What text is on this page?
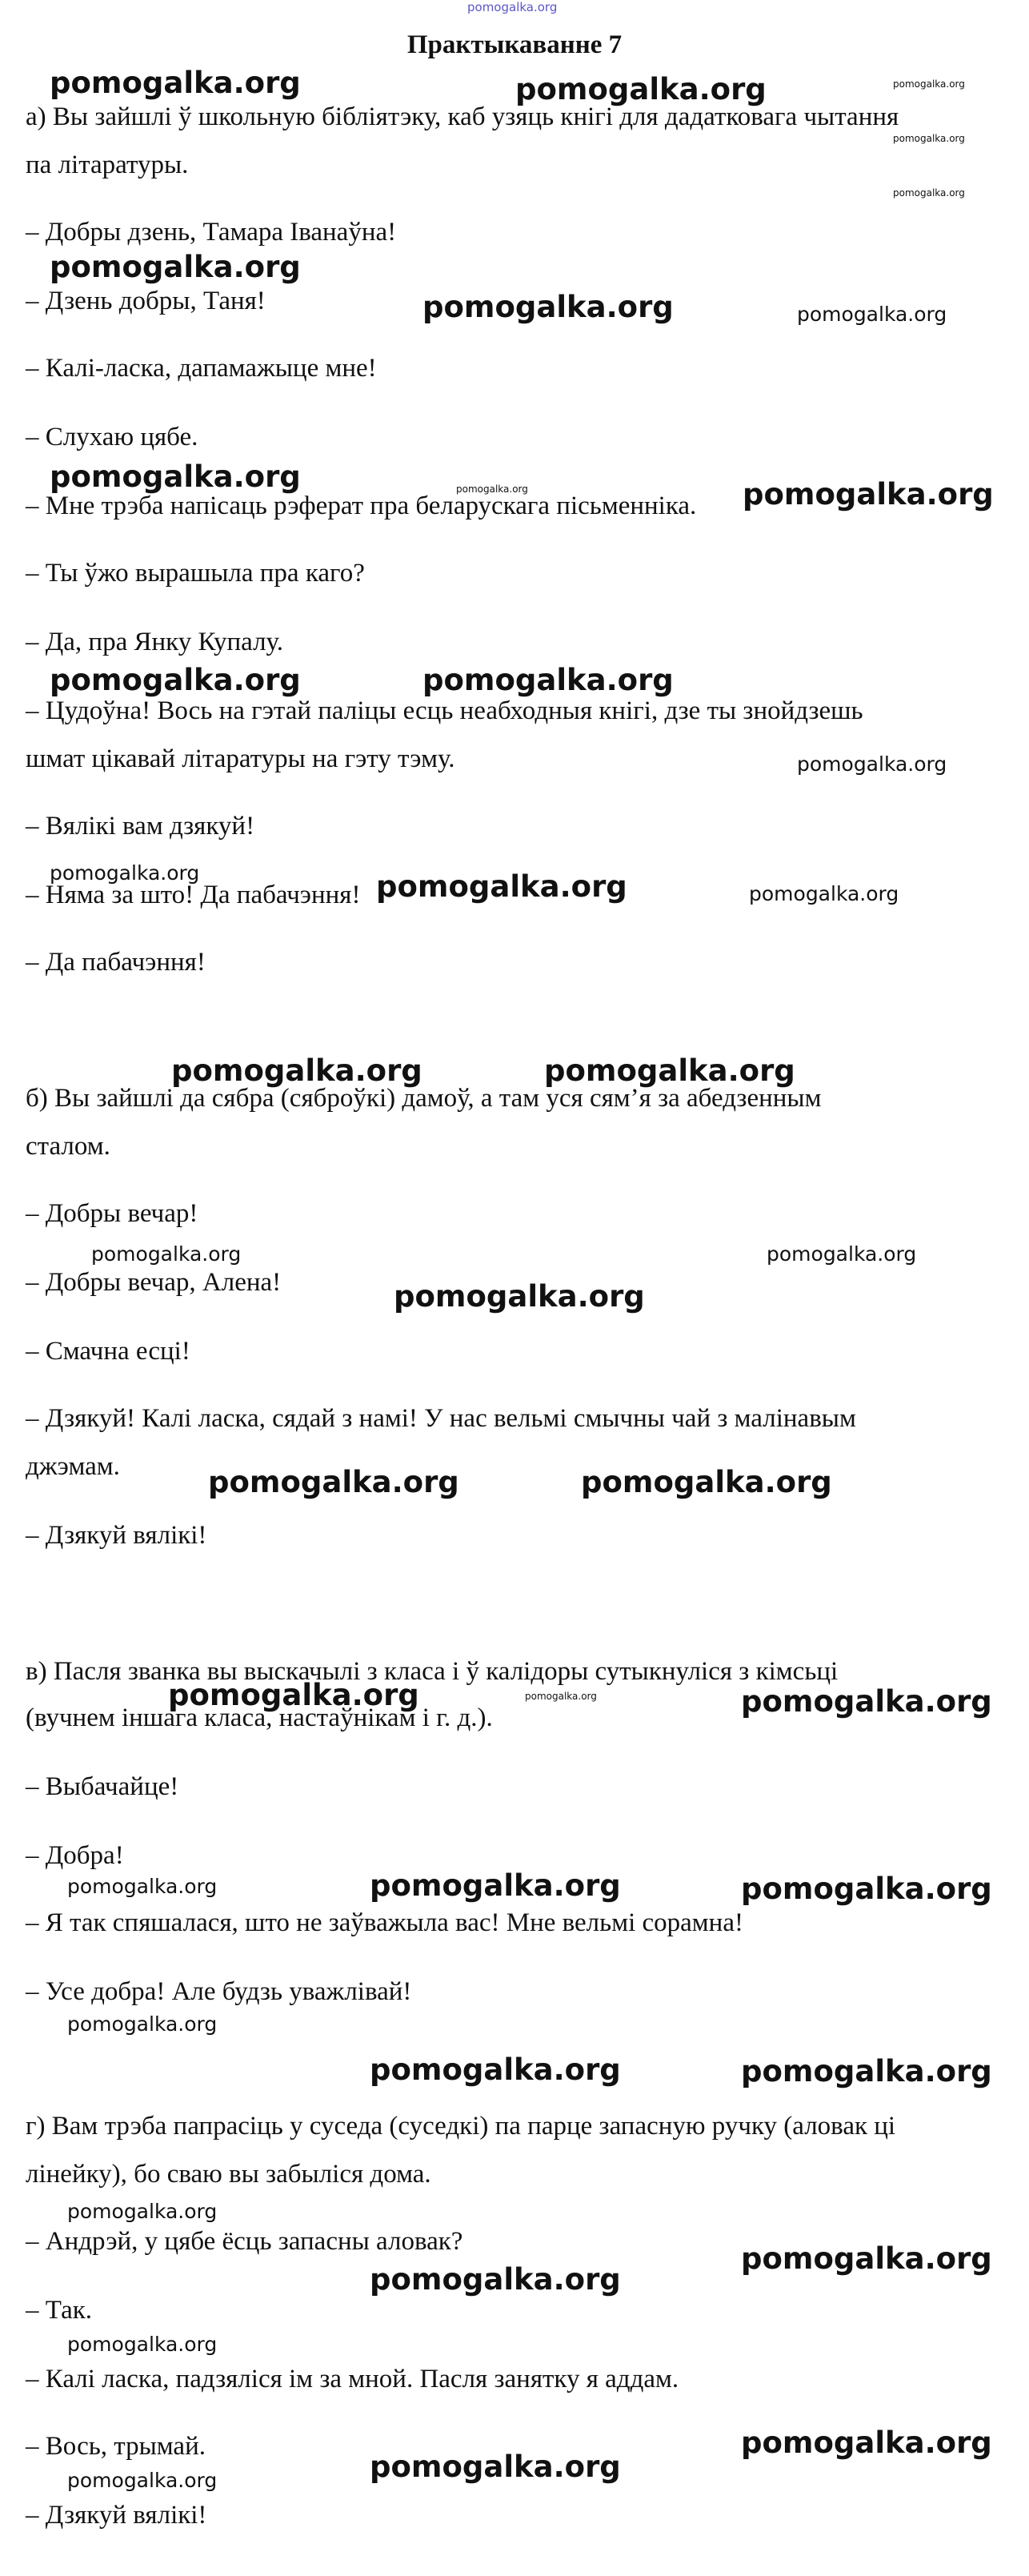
pomogalka.org
Практыкаванне 7
а) Вы зайшлі ў школьную бібліятэку, каб узяць кнігі для дадатковага чытання
па літаратуры.
– Добры дзень, Тамара Іванаўна!
– Дзень добры, Таня!
– Калі-ласка, дапамажыце мне!
– Слухаю цябе.
– Мне трэба напісаць рэферат пра беларускага пісьменніка.
– Ты ўжо вырашыла пра каго?
– Да, пра Янку Купалу.
– Цудоўна! Вось на гэтай паліцы есць неабходныя кнігі, дзе ты знойдзешь
шмат цікавай літаратуры на гэту тэму.
– Вялікі вам дзякуй!
– Няма за што! Да пабачэння!
– Да пабачэння!
б) Вы зайшлі да сябра (сяброўкі) дамоў, а там уся сям’я за абедзенным
сталом.
– Добры вечар!
– Добры вечар, Алена!
– Смачна есці!
– Дзякуй! Калі ласка, сядай з намі! У нас вельмі смычны чай з малінавым
джэмам.
– Дзякуй вялікі!
в) Пасля званка вы выскачылі з класа і ў калідоры сутыкнуліся з кімсьці
(вучнем іншага класа, настаўнікам і г. д.).
– Выбачайце!
– Добра!
– Я так спяшалася, што не заўважыла вас! Мне вельмі сорамна!
– Усе добра! Але будзь уважлівай!
г) Вам трэба папрасіць у суседа (суседкі) па парце запасную ручку (аловак ці
лінейку), бо сваю вы забыліся дома.
– Андрэй, у цябе ёсць запасны аловак?
– Так.
– Калі ласка, падзяліся ім за мной. Пасля занятку я аддам.
– Вось, трымай.
– Дзякуй вялікі!
pomogalka.org	pomogalka.org	pomogalka.org
pomogalka.org
pomogalka.org
pomogalka.org
pomogalka.org	pomogalka.org
pomogalka.org	pomogalka.org	pomogalka.org
pomogalka.org	pomogalka.org
pomogalka.org
pomogalka.org	pomogalka.org	pomogalka.org
pomogalka.org	pomogalka.org
pomogalka.org	pomogalka.org
pomogalka.org
pomogalka.org	pomogalka.org
pomogalka.org	pomogalka.org	pomogalka.org
pomogalka.org	pomogalka.org	pomogalka.org
pomogalka.org
pomogalka.org	pomogalka.org
pomogalka.org
pomogalka.org
pomogalka.org
pomogalka.org
pomogalka.org
pomogalka.org
pomogalka.org
